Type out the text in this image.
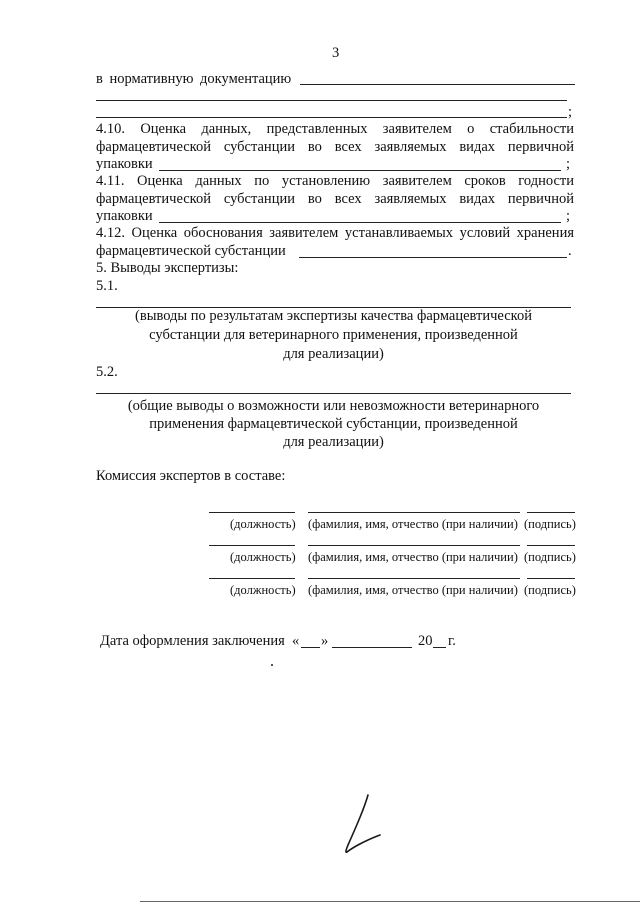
3
в нормативную документацию
;
4.10. Оценка данных, представленных заявителем о стабильности
фармацевтической субстанции во всех заявляемых видах первичной
упаковки	;
4.11. Оценка данных по установлению заявителем сроков годности
фармацевтической субстанции во всех заявляемых видах первичной
упаковки	;
4.12. Оценка обоснования заявителем устанавливаемых условий хранения
фармацевтической субстанции	.
5. Выводы экспертизы:
5.1.
(выводы по результатам экспертизы качества фармацевтической
субстанции для ветеринарного применения, произведенной
для реализации)
5.2.
(общие выводы о возможности или невозможности ветеринарного
применения фармацевтической субстанции, произведенной
для реализации)
Комиссия экспертов в составе:
(должность) (фамилия, имя, отчество (при наличии) (подпись)
(должность) (фамилия, имя, отчество (при наличии) (подпись)
(должность) (фамилия, имя, отчество (при наличии) (подпись)
Дата оформления заключения « »	20 г.
